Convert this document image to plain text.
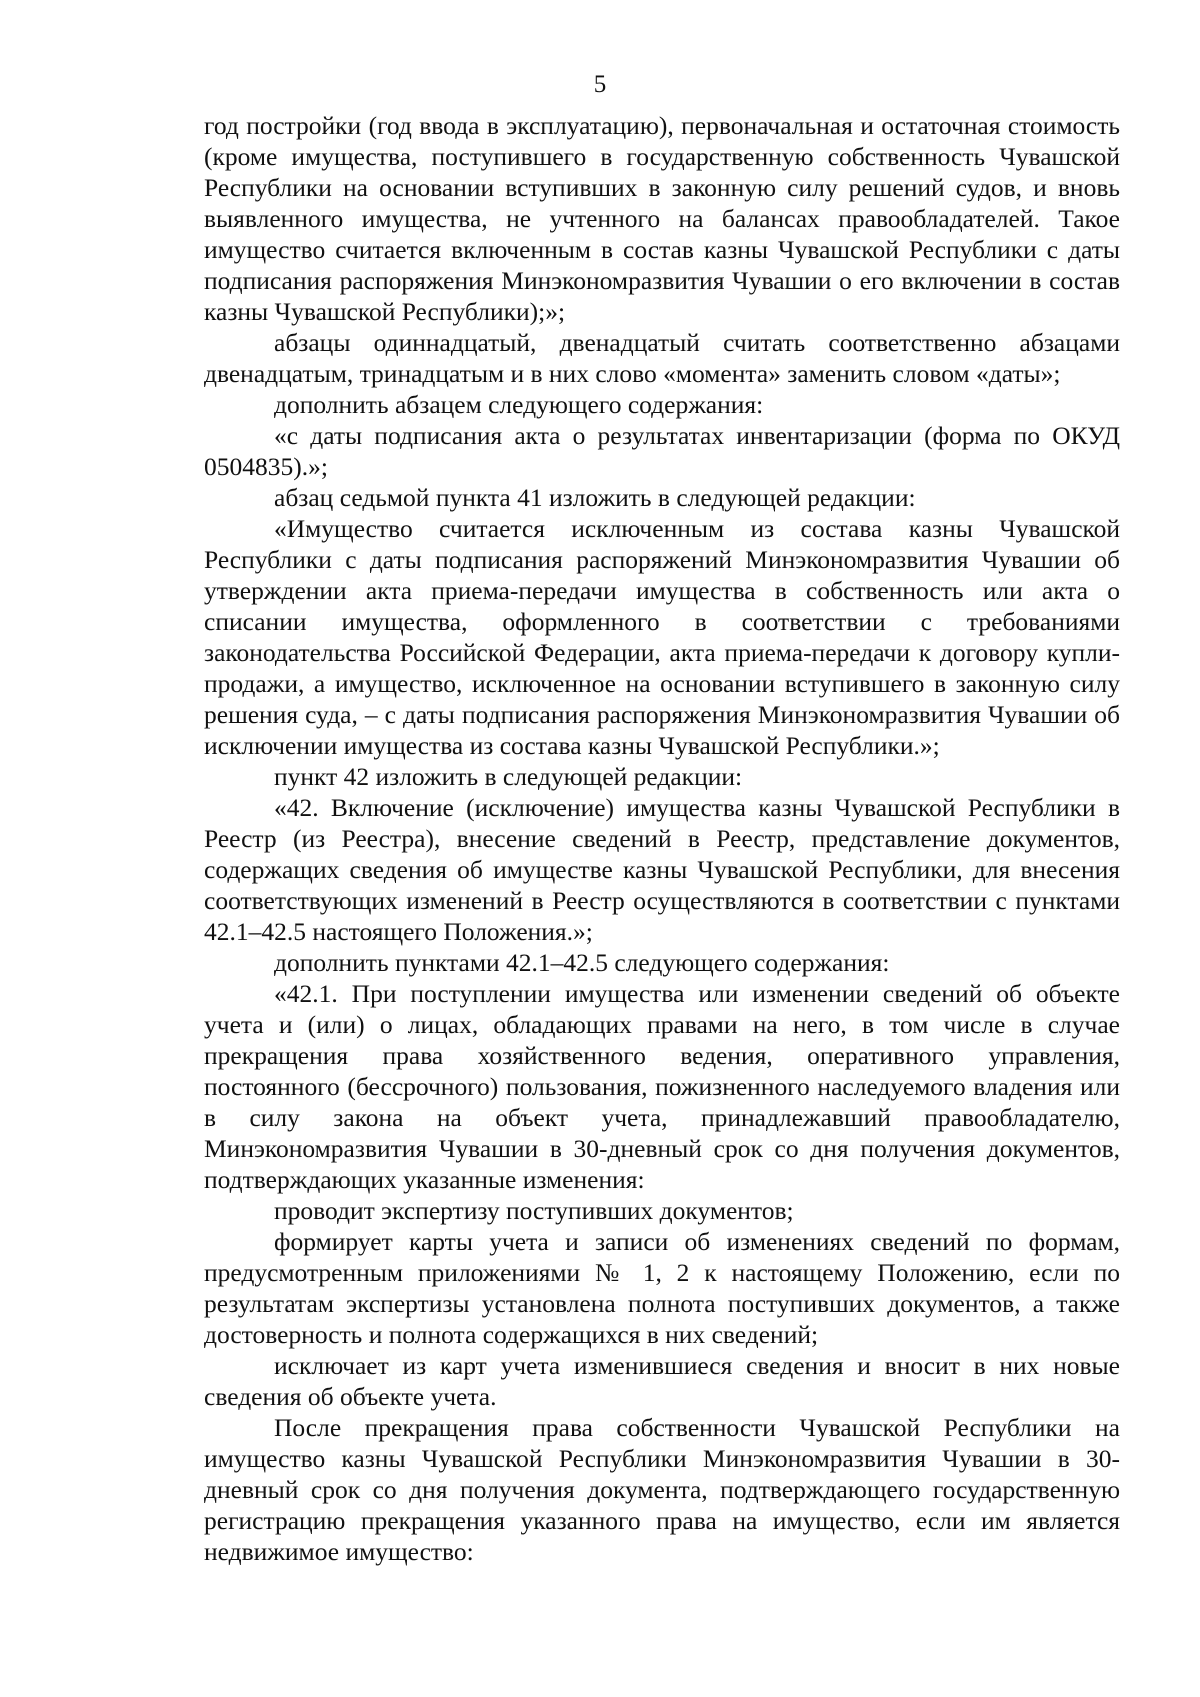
5

год постройки (год ввода в эксплуатацию), первоначальная и остаточная стоимость (кроме имущества, поступившего в государственную собственность Чувашской Республики на основании вступивших в законную силу решений судов, и вновь выявленного имущества, не учтенного на балансах правообладателей. Такое имущество считается включенным в состав казны Чувашской Республики с даты подписания распоряжения Минэкономразвития Чувашии о его включении в состав казны Чувашской Республики);»;

абзацы одиннадцатый, двенадцатый считать соответственно абзацами двенадцатым, тринадцатым и в них слово «момента» заменить словом «даты»;

дополнить абзацем следующего содержания:

«с даты подписания акта о результатах инвентаризации (форма по ОКУД 0504835).»;

абзац седьмой пункта 41 изложить в следующей редакции:

«Имущество считается исключенным из состава казны Чувашской Республики с даты подписания распоряжений Минэкономразвития Чувашии об утверждении акта приема-передачи имущества в собственность или акта о списании имущества, оформленного в соответствии с требованиями законодательства Российской Федерации, акта приема-передачи к договору купли-продажи, а имущество, исключенное на основании вступившего в законную силу решения суда, – с даты подписания распоряжения Минэкономразвития Чувашии об исключении имущества из состава казны Чувашской Республики.»;

пункт 42 изложить в следующей редакции:

«42. Включение (исключение) имущества казны Чувашской Республики в Реестр (из Реестра), внесение сведений в Реестр, представление документов, содержащих сведения об имуществе казны Чувашской Республики, для внесения соответствующих изменений в Реестр осуществляются в соответствии с пунктами 42.1–42.5 настоящего Положения.»;

дополнить пунктами 42.1–42.5 следующего содержания:

«42.1. При поступлении имущества или изменении сведений об объекте учета и (или) о лицах, обладающих правами на него, в том числе в случае прекращения права хозяйственного ведения, оперативного управления, постоянного (бессрочного) пользования, пожизненного наследуемого владения или в силу закона на объект учета, принадлежавший правообладателю, Минэкономразвития Чувашии в 30-дневный срок со дня получения документов, подтверждающих указанные изменения:

проводит экспертизу поступивших документов;

формирует карты учета и записи об изменениях сведений по формам, предусмотренным приложениями № 1, 2 к настоящему Положению, если по результатам экспертизы установлена полнота поступивших документов, а также достоверность и полнота содержащихся в них сведений;

исключает из карт учета изменившиеся сведения и вносит в них новые сведения об объекте учета.

После прекращения права собственности Чувашской Республики на имущество казны Чувашской Республики Минэкономразвития Чувашии в 30-дневный срок со дня получения документа, подтверждающего государственную регистрацию прекращения указанного права на имущество, если им является недвижимое имущество:
